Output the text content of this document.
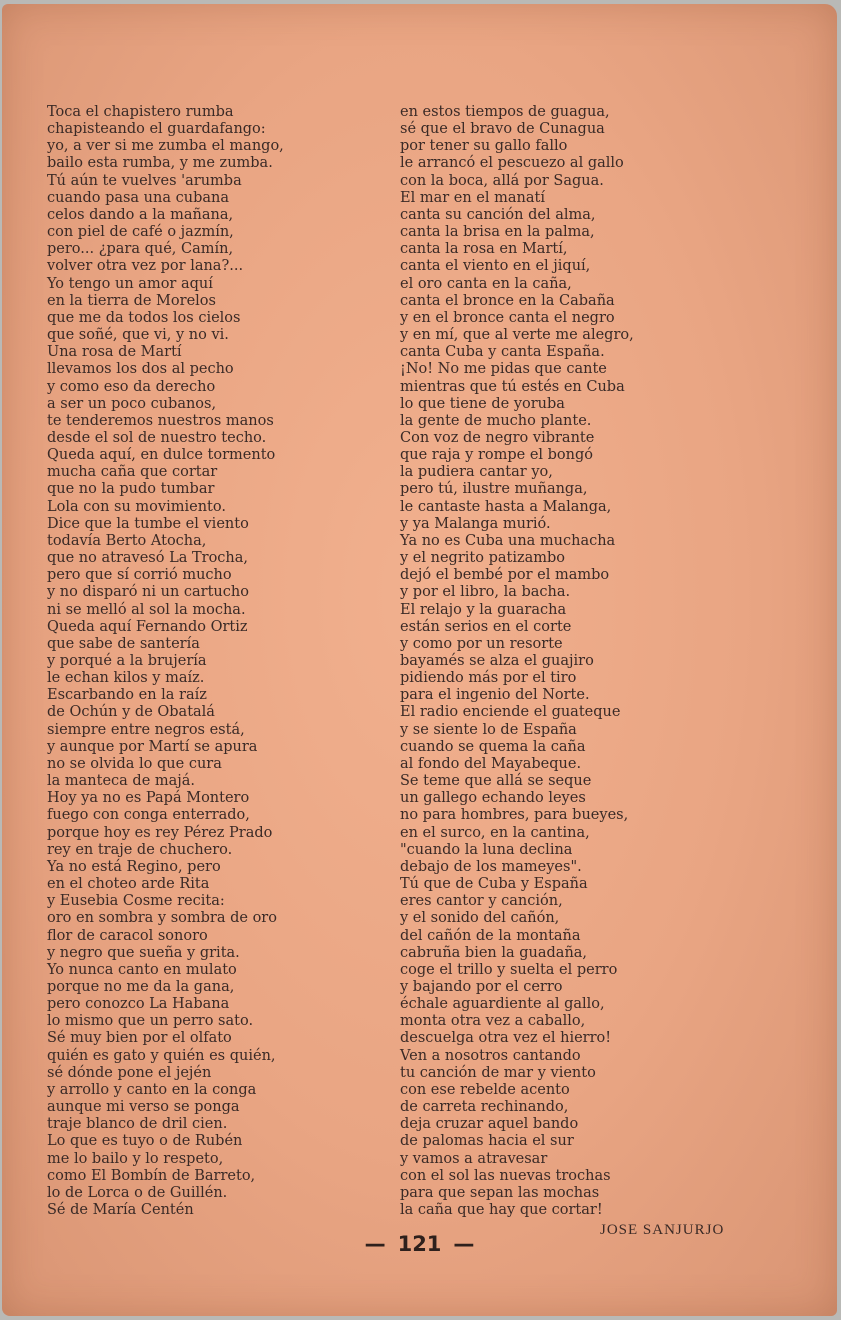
Toca el chapistero rumba
chapisteando el guardafango:
yo, a ver si me zumba el mango,
bailo esta rumba, y me zumba.
Tú aún te vuelves 'arumba
cuando pasa una cubana
celos dando a la mañana,
con piel de café o jazmín,
pero... ¿para qué, Camín,
volver otra vez por lana?...
Yo tengo un amor aquí
en la tierra de Morelos
que me da todos los cielos
que soñé, que vi, y no vi.
Una rosa de Martí
llevamos los dos al pecho
y como eso da derecho
a ser un poco cubanos,
te tenderemos nuestros manos
desde el sol de nuestro techo.
Queda aquí, en dulce tormento
mucha caña que cortar
que no la pudo tumbar
Lola con su movimiento.
Dice que la tumbe el viento
todavía Berto Atocha,
que no atravesó La Trocha,
pero que sí corrió mucho
y no disparó ni un cartucho
ni se melló al sol la mocha.
Queda aquí Fernando Ortiz
que sabe de santería
y porqué a la brujería
le echan kilos y maíz.
Escarbando en la raíz
de Ochún y de Obatalá
siempre entre negros está,
y aunque por Martí se apura
no se olvida lo que cura
la manteca de majá.
Hoy ya no es Papá Montero
fuego con conga enterrado,
porque hoy es rey Pérez Prado
rey en traje de chuchero.
Ya no está Regino, pero
en el choteo arde Rita
y Eusebia Cosme recita:
oro en sombra y sombra de oro
flor de caracol sonoro
y negro que sueña y grita.
Yo nunca canto en mulato
porque no me da la gana,
pero conozco La Habana
lo mismo que un perro sato.
Sé muy bien por el olfato
quién es gato y quién es quién,
sé dónde pone el jején
y arrollo y canto en la conga
aunque mi verso se ponga
traje blanco de dril cien.
Lo que es tuyo o de Rubén
me lo bailo y lo respeto,
como El Bombín de Barreto,
lo de Lorca o de Guillén.
Sé de María Centén
en estos tiempos de guagua,
sé que el bravo de Cunagua
por tener su gallo fallo
le arrancó el pescuezo al gallo
con la boca, allá por Sagua.
El mar en el manatí
canta su canción del alma,
canta la brisa en la palma,
canta la rosa en Martí,
canta el viento en el jiquí,
el oro canta en la caña,
canta el bronce en la Cabaña
y en el bronce canta el negro
y en mí, que al verte me alegro,
canta Cuba y canta España.
¡No! No me pidas que cante
mientras que tú estés en Cuba
lo que tiene de yoruba
la gente de mucho plante.
Con voz de negro vibrante
que raja y rompe el bongó
la pudiera cantar yo,
pero tú, ilustre muñanga,
le cantaste hasta a Malanga,
y ya Malanga murió.
Ya no es Cuba una muchacha
y el negrito patizambo
dejó el bembé por el mambo
y por el libro, la bacha.
El relajo y la guaracha
están serios en el corte
y como por un resorte
bayamés se alza el guajiro
pidiendo más por el tiro
para el ingenio del Norte.
El radio enciende el guateque
y se siente lo de España
cuando se quema la caña
al fondo del Mayabeque.
Se teme que allá se seque
un gallego echando leyes
no para hombres, para bueyes,
en el surco, en la cantina,
"cuando la luna declina
debajo de los mameyes".
Tú que de Cuba y España
eres cantor y canción,
y el sonido del cañón,
del cañón de la montaña
cabruña bien la guadaña,
coge el trillo y suelta el perro
y bajando por el cerro
échale aguardiente al gallo,
monta otra vez a caballo,
descuelga otra vez el hierro!
Ven a nosotros cantando
tu canción de mar y viento
con ese rebelde acento
de carreta rechinando,
deja cruzar aquel bando
de palomas hacia el sur
y vamos a atravesar
con el sol las nuevas trochas
para que sepan las mochas
la caña que hay que cortar!
JOSE SANJURJO
— 121 —
